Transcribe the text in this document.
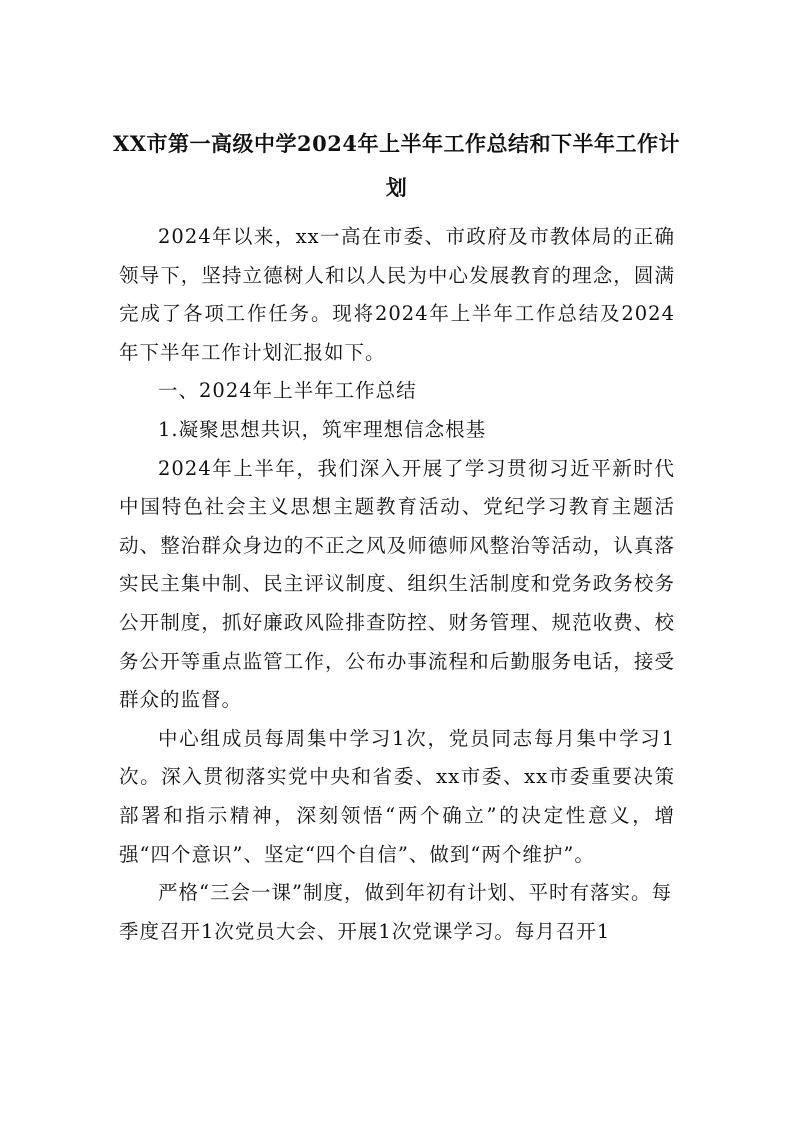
XX市第一高级中学2024年上半年工作总结和下半年工作计划

2024年以来，xx一高在市委、市政府及市教体局的正确领导下，坚持立德树人和以人民为中心发展教育的理念，圆满完成了各项工作任务。现将2024年上半年工作总结及2024年下半年工作计划汇报如下。

一、2024年上半年工作总结

1.凝聚思想共识，筑牢理想信念根基

2024年上半年，我们深入开展了学习贯彻习近平新时代中国特色社会主义思想主题教育活动、党纪学习教育主题活动、整治群众身边的不正之风及师德师风整治等活动，认真落实民主集中制、民主评议制度、组织生活制度和党务政务校务公开制度，抓好廉政风险排查防控、财务管理、规范收费、校务公开等重点监管工作，公布办事流程和后勤服务电话，接受群众的监督。

中心组成员每周集中学习1次，党员同志每月集中学习1次。深入贯彻落实党中央和省委、xx市委、xx市委重要决策部署和指示精神，深刻领悟“两个确立”的决定性意义，增强“四个意识”、坚定“四个自信”、做到“两个维护”。

严格“三会一课”制度，做到年初有计划、平时有落实。每季度召开1次党员大会、开展1次党课学习。每月召开1
